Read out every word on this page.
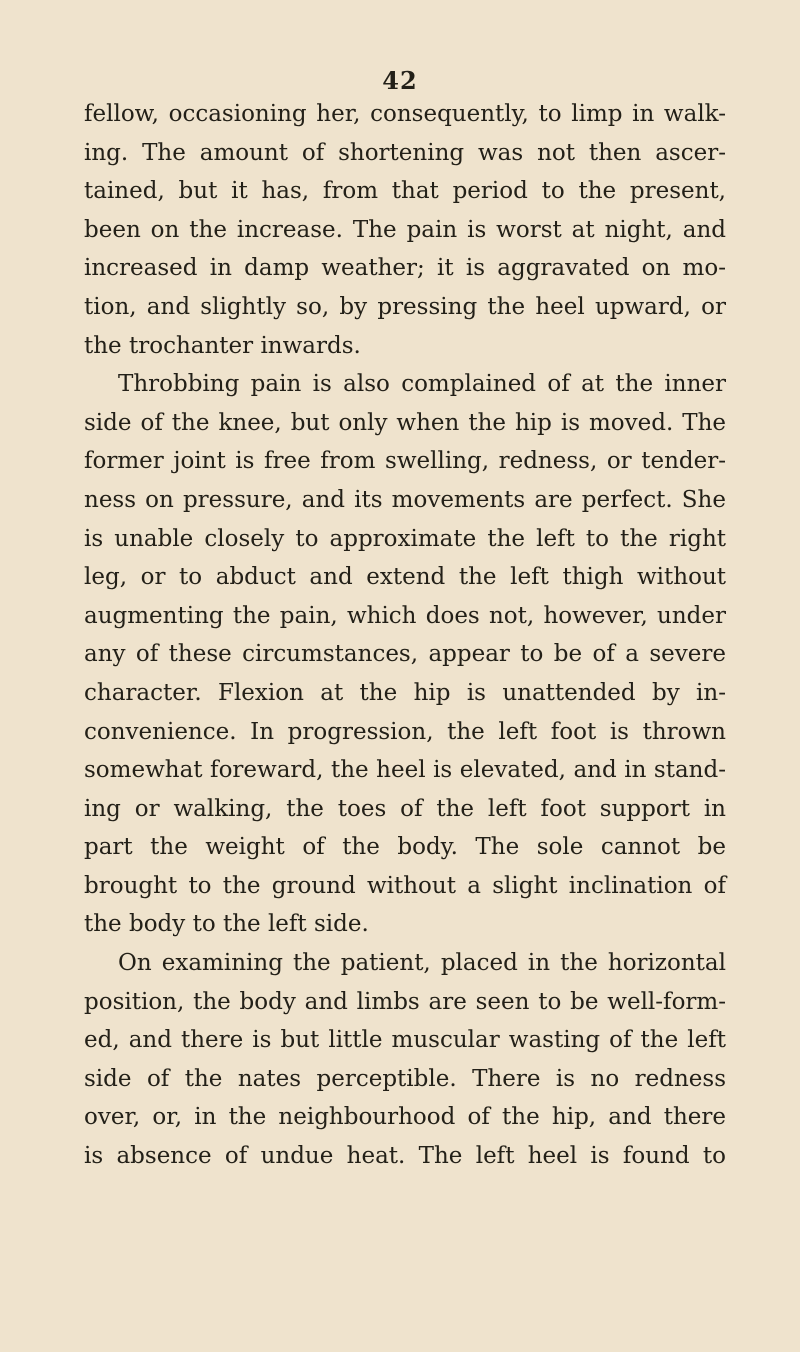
42
fellow, occasioning her, consequently, to limp in walk-
ing. The amount of shortening was not then ascer-
tained, but it has, from that period to the present,
been on the increase. The pain is worst at night, and
increased in damp weather; it is aggravated on mo-
tion, and slightly so, by pressing the heel upward, or
the trochanter inwards.
Throbbing pain is also complained of at the inner
side of the knee, but only when the hip is moved. The
former joint is free from swelling, redness, or tender-
ness on pressure, and its movements are perfect. She
is unable closely to approximate the left to the right
leg, or to abduct and extend the left thigh without
augmenting the pain, which does not, however, under
any of these circumstances, appear to be of a severe
character. Flexion at the hip is unattended by in-
convenience. In progression, the left foot is thrown
somewhat foreward, the heel is elevated, and in stand-
ing or walking, the toes of the left foot support in
part the weight of the body. The sole cannot be
brought to the ground without a slight inclination of
the body to the left side.
On examining the patient, placed in the horizontal
position, the body and limbs are seen to be well-form-
ed, and there is but little muscular wasting of the left
side of the nates perceptible. There is no redness
over, or, in the neighbourhood of the hip, and there
is absence of undue heat. The left heel is found to
